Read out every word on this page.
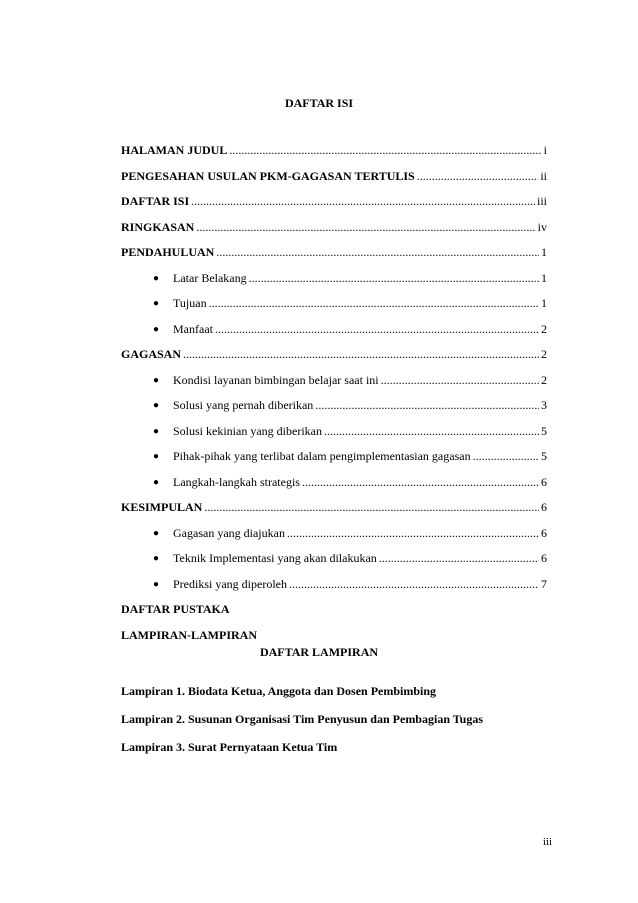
DAFTAR ISI
HALAMAN JUDUL .....	i
PENGESAHAN USULAN PKM-GAGASAN TERTULIS .....	ii
DAFTAR ISI .....	iii
RINGKASAN .....	iv
PENDAHULUAN .....	1
●	Latar Belakang .....	1
●	Tujuan .....	1
●	Manfaat .....	2
GAGASAN .....	2
●	Kondisi layanan bimbingan belajar saat ini .....	2
●	Solusi yang pernah diberikan .....	3
●	Solusi kekinian yang diberikan .....	5
●	Pihak-pihak yang terlibat dalam pengimplementasian gagasan .....	5
●	Langkah-langkah strategis .....	6
KESIMPULAN .....	6
●	Gagasan yang diajukan .....	6
●	Teknik Implementasi yang akan dilakukan .....	6
●	Prediksi yang diperoleh .....	7
DAFTAR PUSTAKA
LAMPIRAN-LAMPIRAN
DAFTAR LAMPIRAN
Lampiran 1. Biodata Ketua, Anggota dan Dosen Pembimbing
Lampiran 2. Susunan Organisasi Tim Penyusun dan Pembagian Tugas
Lampiran 3. Surat Pernyataan Ketua Tim
iii
